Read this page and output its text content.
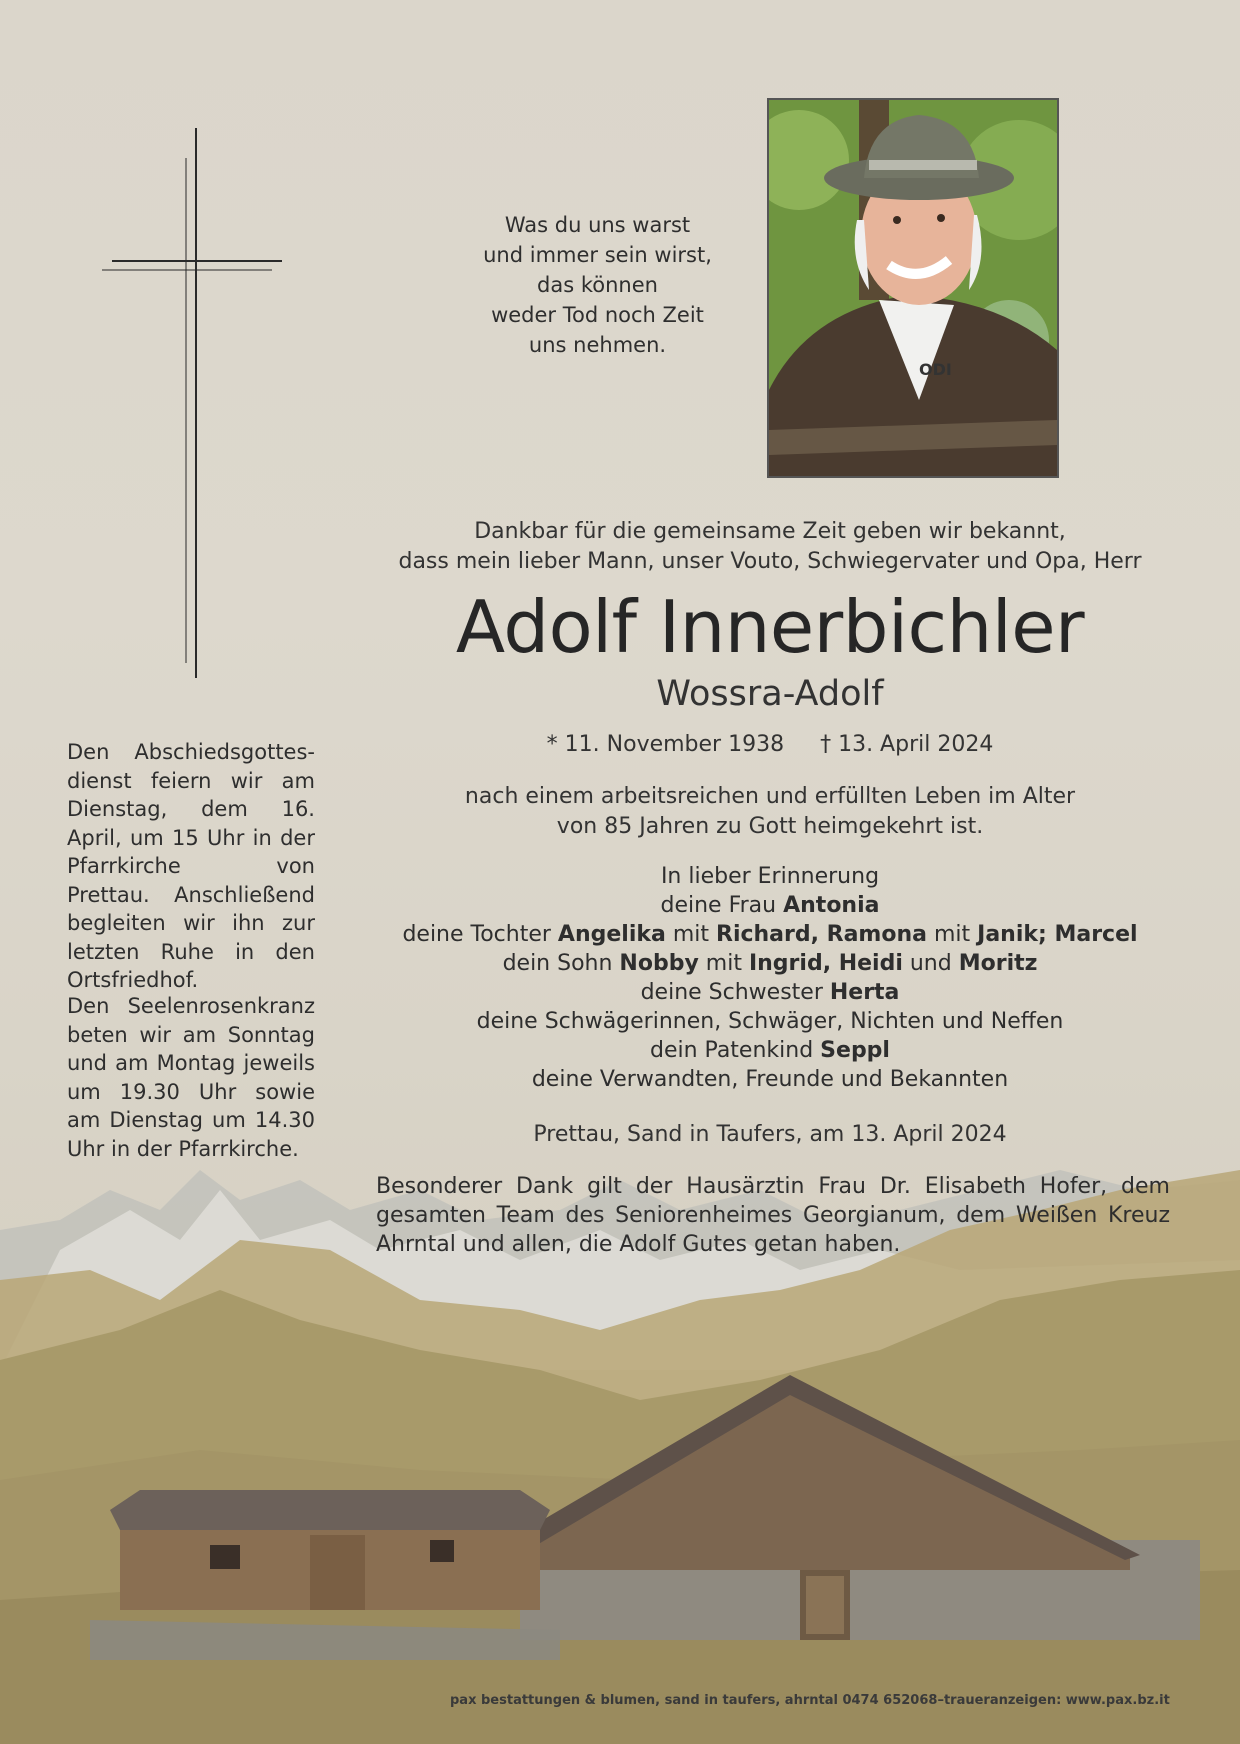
Was du uns warst
und immer sein wirst,
das können
weder Tod noch Zeit
uns nehmen.
ODI
Dankbar für die gemeinsame Zeit geben wir bekannt,
dass mein lieber Mann, unser Vouto, Schwiegervater und Opa, Herr
Adolf Innerbichler
Wossra-Adolf
* 11. November 1938 † 13. April 2024
nach einem arbeitsreichen und erfüllten Leben im Alter
von 85 Jahren zu Gott heimgekehrt ist.
In lieber Erinnerung
deine Frau Antonia
deine Tochter Angelika mit Richard, Ramona mit Janik; Marcel
dein Sohn Nobby mit Ingrid, Heidi und Moritz
deine Schwester Herta
deine Schwägerinnen, Schwäger, Nichten und Neffen
dein Patenkind Seppl
deine Verwandten, Freunde und Bekannten
Prettau, Sand in Taufers, am 13. April 2024
Besonderer Dank gilt der Hausärztin Frau Dr. Elisabeth Hofer, dem gesamten Team des Seniorenheimes Georgianum, dem Weißen Kreuz Ahrntal und allen, die Adolf Gutes getan haben.
Den Abschiedsgottes-dienst feiern wir am Dienstag, dem 16. April, um 15 Uhr in der Pfarrkirche von Prettau. Anschließend begleiten wir ihn zur letzten Ruhe in den Ortsfriedhof.
Den Seelenrosenkranz beten wir am Sonntag und am Montag jeweils um 19.30 Uhr sowie am Dienstag um 14.30 Uhr in der Pfarrkirche.
pax bestattungen & blumen, sand in taufers, ahrntal 0474 652068–traueranzeigen: www.pax.bz.it
